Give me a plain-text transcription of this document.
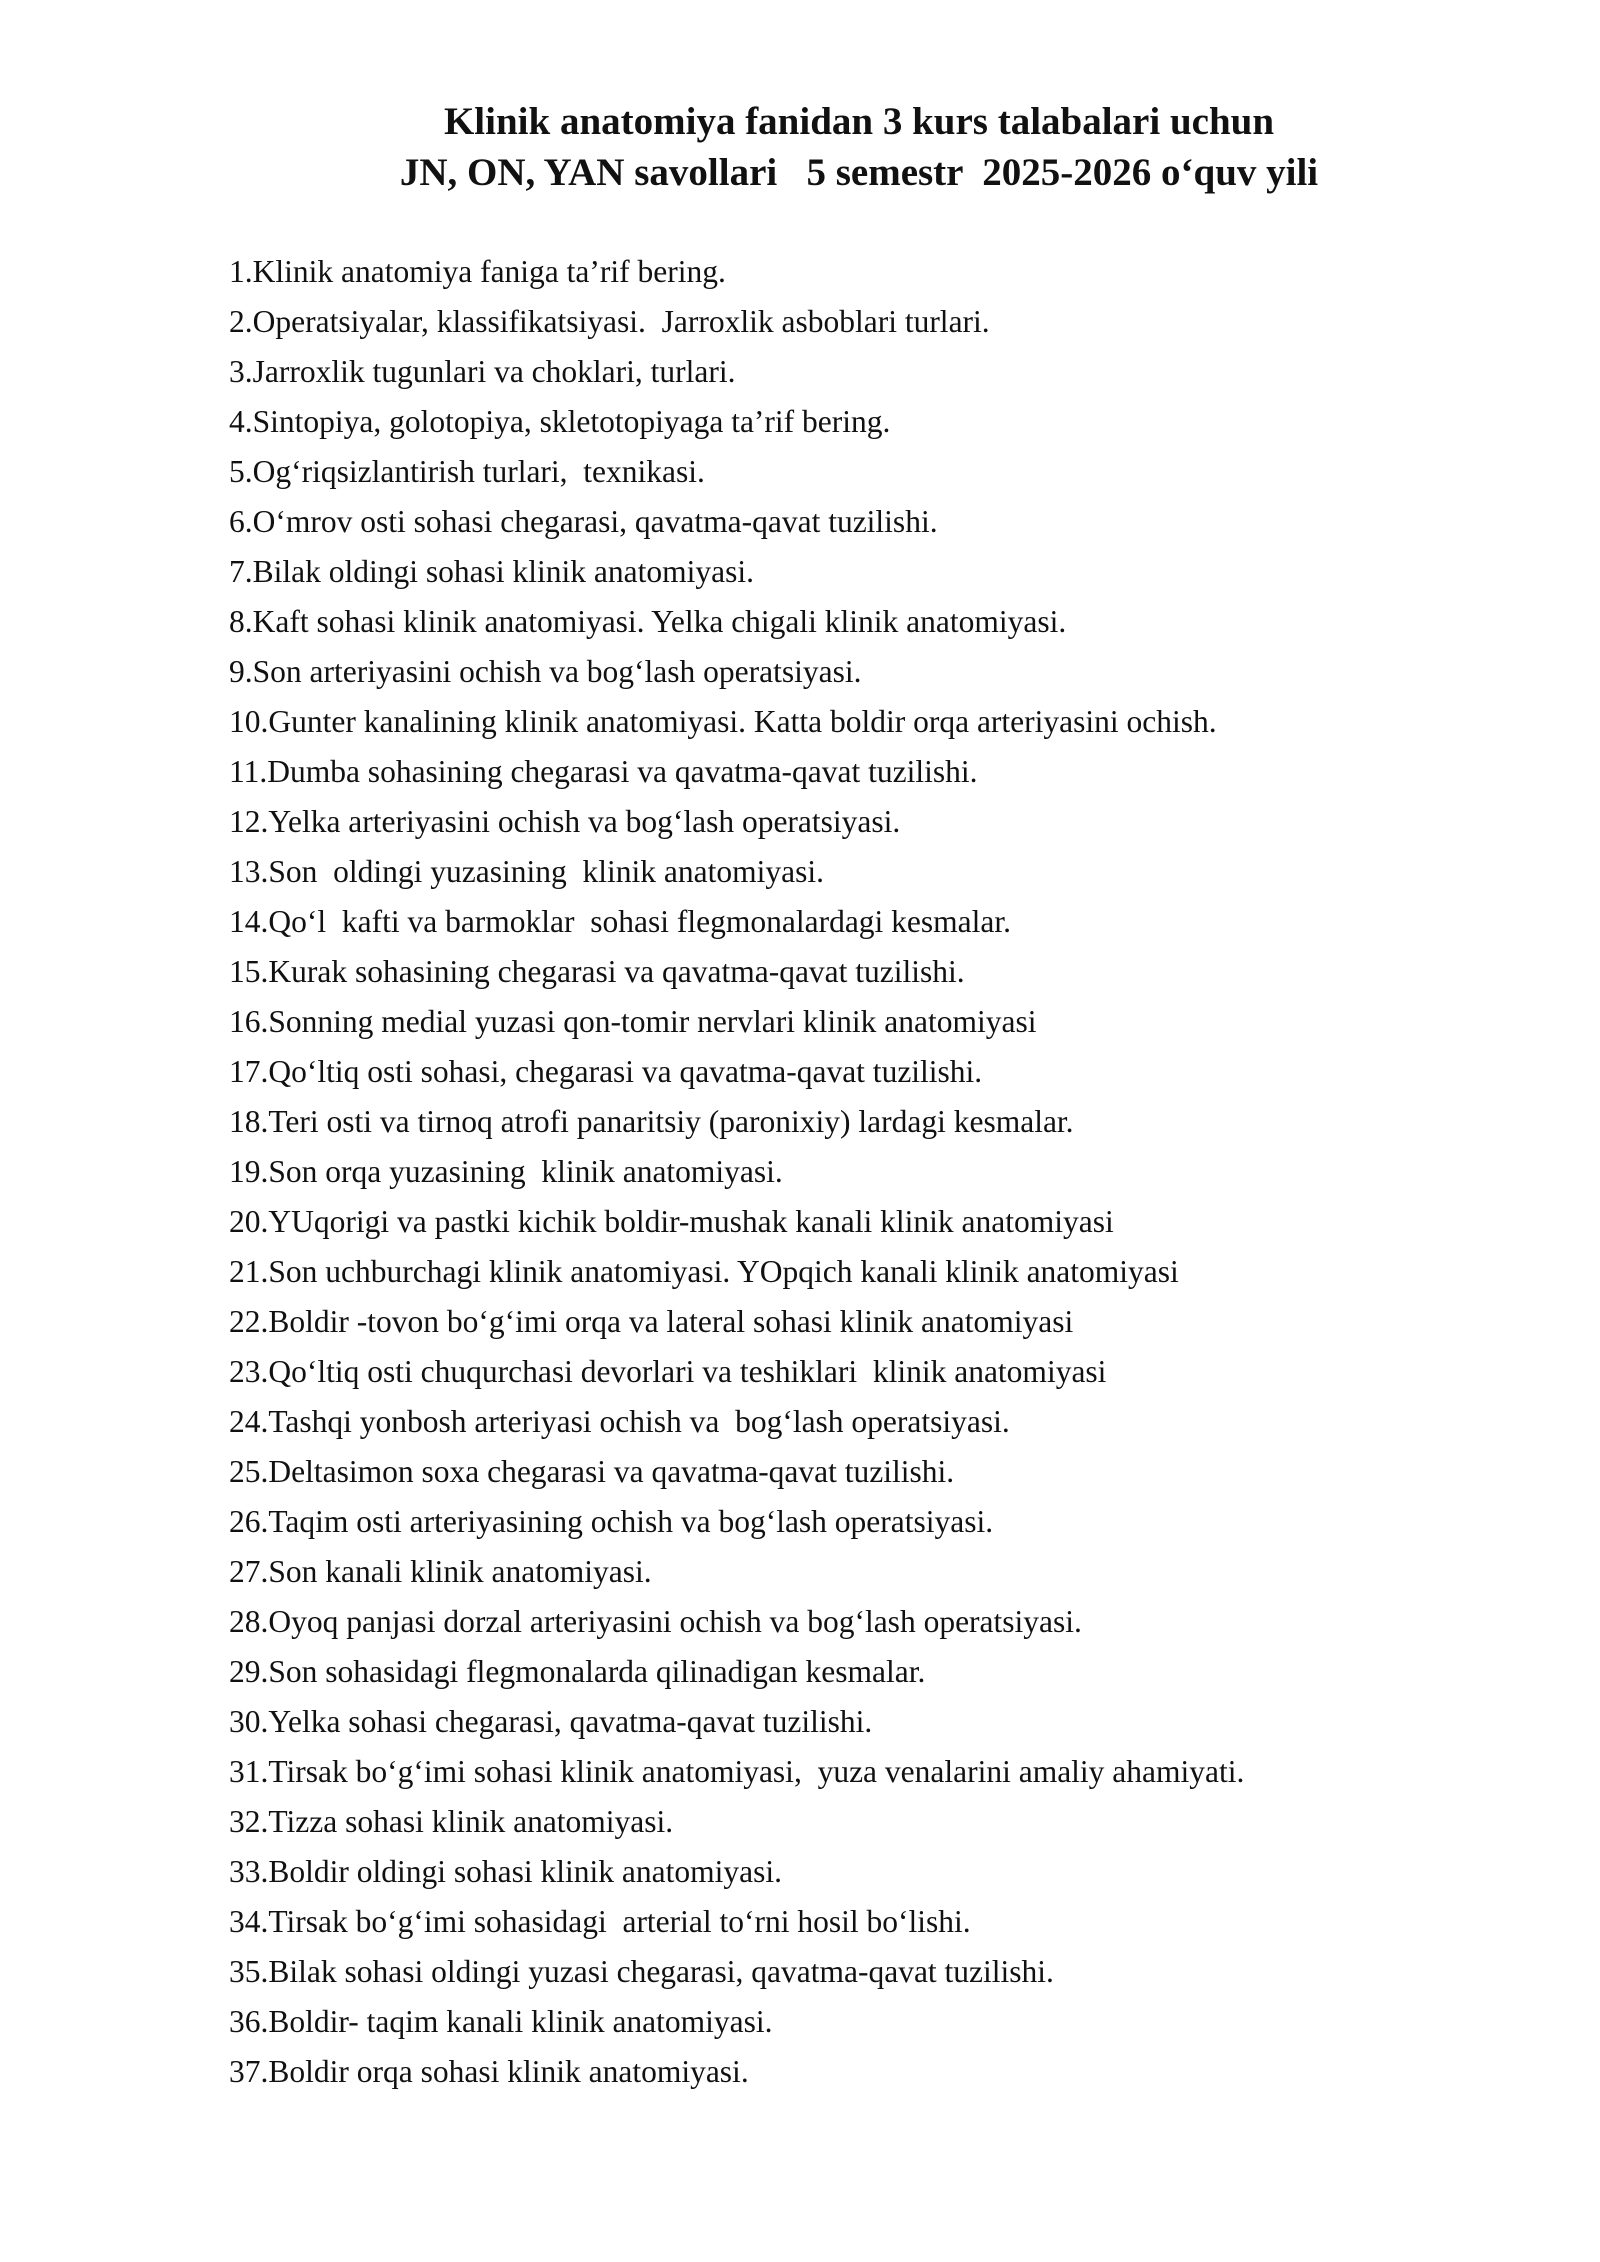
Klinik anatomiya fanidan 3 kurs talabalari uchun
JN, ON, YAN savollari   5 semestr  2025-2026 o‘quv yili
1.Klinik anatomiya faniga ta’rif bering.
2.Operatsiyalar, klassifikatsiyasi.  Jarroxlik asboblari turlari.
3.Jarroxlik tugunlari va choklari, turlari.
4.Sintopiya, golotopiya, skletotopiyaga ta’rif bering.
5.Og‘riqsizlantirish turlari,  texnikasi.
6.O‘mrov osti sohasi chegarasi, qavatma-qavat tuzilishi.
7.Bilak oldingi sohasi klinik anatomiyasi.
8.Kaft sohasi klinik anatomiyasi. Yelka chigali klinik anatomiyasi.
9.Son arteriyasini ochish va bog‘lash operatsiyasi.
10.Gunter kanalining klinik anatomiyasi. Katta boldir orqa arteriyasini ochish.
11.Dumba sohasining chegarasi va qavatma-qavat tuzilishi.
12.Yelka arteriyasini ochish va bog‘lash operatsiyasi.
13.Son  oldingi yuzasining  klinik anatomiyasi.
14.Qo‘l  kafti va barmoklar  sohasi flegmonalardagi kesmalar.
15.Kurak sohasining chegarasi va qavatma-qavat tuzilishi.
16.Sonning medial yuzasi qon-tomir nervlari klinik anatomiyasi
17.Qo‘ltiq osti sohasi, chegarasi va qavatma-qavat tuzilishi.
18.Teri osti va tirnoq atrofi panaritsiy (paronixiy) lardagi kesmalar.
19.Son orqa yuzasining  klinik anatomiyasi.
20.YUqorigi va pastki kichik boldir-mushak kanali klinik anatomiyasi
21.Son uchburchagi klinik anatomiyasi. YOpqich kanali klinik anatomiyasi
22.Boldir -tovon bo‘g‘imi orqa va lateral sohasi klinik anatomiyasi
23.Qo‘ltiq osti chuqurchasi devorlari va teshiklari  klinik anatomiyasi
24.Tashqi yonbosh arteriyasi ochish va  bog‘lash operatsiyasi.
25.Deltasimon soxa chegarasi va qavatma-qavat tuzilishi.
26.Taqim osti arteriyasining ochish va bog‘lash operatsiyasi.
27.Son kanali klinik anatomiyasi.
28.Oyoq panjasi dorzal arteriyasini ochish va bog‘lash operatsiyasi.
29.Son sohasidagi flegmonalarda qilinadigan kesmalar.
30.Yelka sohasi chegarasi, qavatma-qavat tuzilishi.
31.Tirsak bo‘g‘imi sohasi klinik anatomiyasi,  yuza venalarini amaliy ahamiyati.
32.Tizza sohasi klinik anatomiyasi.
33.Boldir oldingi sohasi klinik anatomiyasi.
34.Tirsak bo‘g‘imi sohasidagi  arterial to‘rni hosil bo‘lishi.
35.Bilak sohasi oldingi yuzasi chegarasi, qavatma-qavat tuzilishi.
36.Boldir- taqim kanali klinik anatomiyasi.
37.Boldir orqa sohasi klinik anatomiyasi.
